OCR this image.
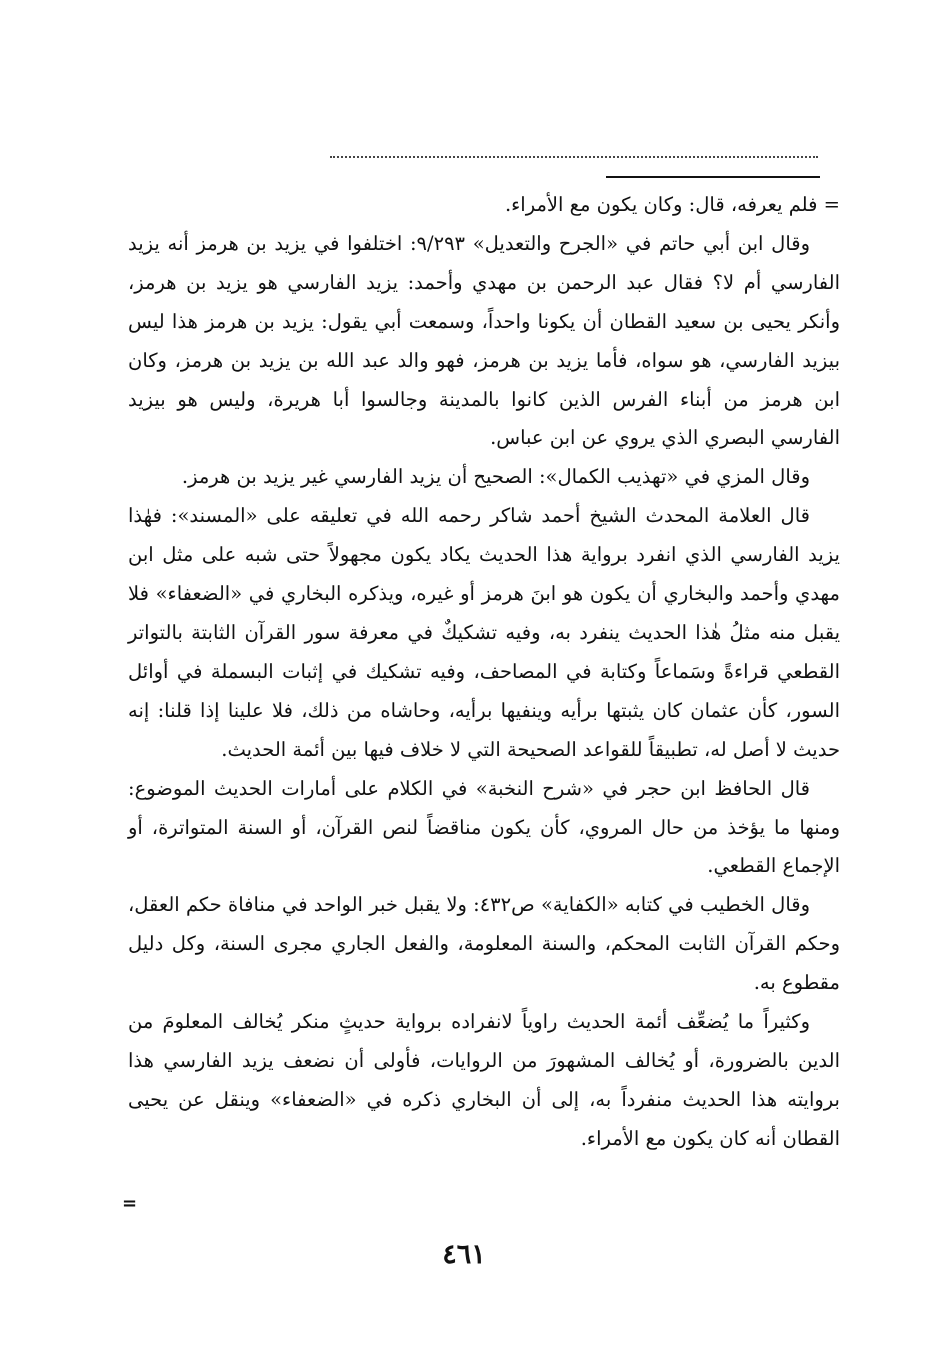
= فلم يعرفه، قال: وكان يكون مع الأمراء.

وقال ابن أبي حاتم في «الجرح والتعديل» ٩/٢٩٣: اختلفوا في يزيد بن هرمز أنه يزيد الفارسي أم لا؟ فقال عبد الرحمن بن مهدي وأحمد: يزيد الفارسي هو يزيد بن هرمز، وأنكر يحيى بن سعيد القطان أن يكونا واحداً، وسمعت أبي يقول: يزيد بن هرمز هذا ليس بيزيد الفارسي، هو سواه، فأما يزيد بن هرمز، فهو والد عبد الله بن يزيد بن هرمز، وكان ابن هرمز من أبناء الفرس الذين كانوا بالمدينة وجالسوا أبا هريرة، وليس هو بيزيد الفارسي البصري الذي يروي عن ابن عباس.

وقال المزي في «تهذيب الكمال»: الصحيح أن يزيد الفارسي غير يزيد بن هرمز.

قال العلامة المحدث الشيخ أحمد شاكر رحمه الله في تعليقه على «المسند»: فهٰذا يزيد الفارسي الذي انفرد برواية هذا الحديث يكاد يكون مجهولاً حتى شبه على مثل ابن مهدي وأحمد والبخاري أن يكون هو ابنَ هرمز أو غيره، ويذكره البخاري في «الضعفاء» فلا يقبل منه مثلُ هٰذا الحديث ينفرد به، وفيه تشكيكٌ في معرفة سور القرآن الثابتة بالتواتر القطعي قراءةً وسَماعاً وكتابة في المصاحف، وفيه تشكيك في إثبات البسملة في أوائل السور، كأن عثمان كان يثبتها برأيه وينفيها برأيه، وحاشاه من ذلك، فلا علينا إذا قلنا: إنه حديث لا أصل له، تطبيقاً للقواعد الصحيحة التي لا خلاف فيها بين أئمة الحديث.

قال الحافظ ابن حجر في «شرح النخبة» في الكلام على أمارات الحديث الموضوع: ومنها ما يؤخذ من حال المروي، كأن يكون مناقضاً لنص القرآن، أو السنة المتواترة، أو الإجماع القطعي.

وقال الخطيب في كتابه «الكفاية» ص٤٣٢: ولا يقبل خبر الواحد في منافاة حكم العقل، وحكم القرآن الثابت المحكم، والسنة المعلومة، والفعل الجاري مجرى السنة، وكل دليل مقطوع به.

وكثيراً ما يُضعِّف أئمة الحديث راوياً لانفراده برواية حديثٍ منكر يُخالف المعلومَ من الدين بالضرورة، أو يُخالف المشهورَ من الروايات، فأولى أن نضعف يزيد الفارسي هذا بروايته هذا الحديث منفرداً به، إلى أن البخاري ذكره في «الضعفاء» وينقل عن يحيى القطان أنه كان يكون مع الأمراء.

=
٤٦١
